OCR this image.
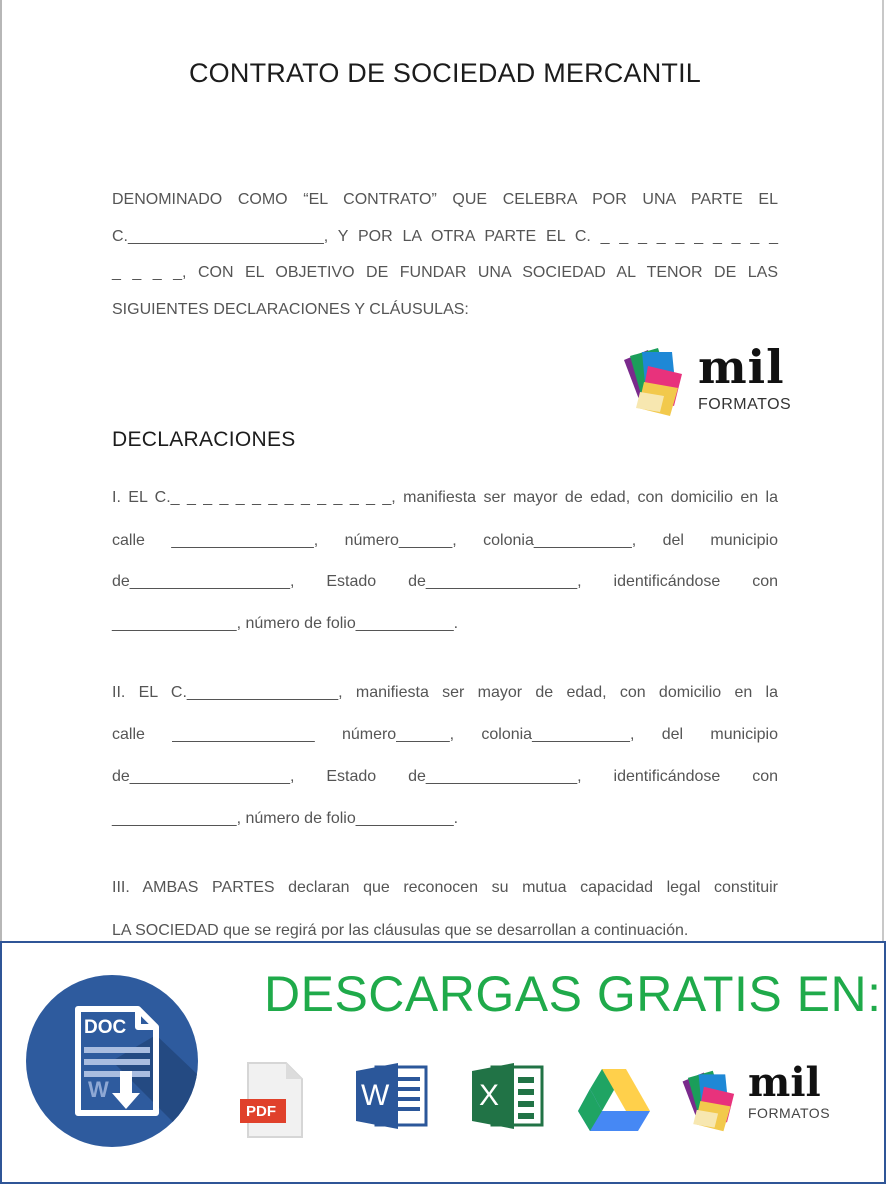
CONTRATO DE SOCIEDAD MERCANTIL
DENOMINADO COMO “EL CONTRATO” QUE CELEBRA POR UNA PARTE EL
C.______________________, Y POR LA OTRA PARTE EL C. _ _ _ _ _ _ _ _ _ _
_ _ _ _, CON EL OBJETIVO DE FUNDAR UNA SOCIEDAD AL TENOR DE LAS
SIGUIENTES DECLARACIONES Y CLÁUSULAS:
mil
FORMATOS
DECLARACIONES
I. EL C._ _ _ _ _ _ _ _ _ _ _ _ _ _, manifiesta ser mayor de edad, con domicilio en la
calle ________________, número______, colonia___________, del municipio
de__________________, Estado de_________________, identificándose con
______________, número de folio___________.
II. EL C._________________, manifiesta ser mayor de edad, con domicilio en la
calle ________________ número______, colonia___________, del municipio
de__________________, Estado de_________________, identificándose con
______________, número de folio___________.
III. AMBAS PARTES declaran que reconocen su mutua capacidad legal constituir
LA SOCIEDAD que se regirá por las cláusulas que se desarrollan a continuación.
DESCARGAS GRATIS EN:
W
DOC
PDF	W	X	mil
FORMATOS
